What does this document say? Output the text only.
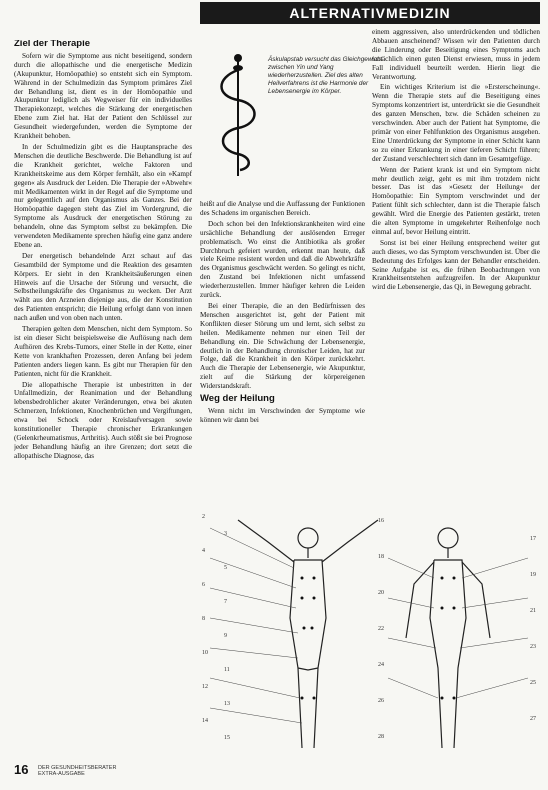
ALTERNATIVMEDIZIN
Ziel der Therapie

Sofern wir die Symptome aus nicht beseitigend, sondern durch die allopathische und die energetische Medizin (Akupunktur, Homöopathie) so entsteht sich ein Symptom. Während in der Schulmedizin das Symptom primäres Ziel der Behandlung ist, dient es in der Homöopathie und Akupunktur lediglich als Wegweiser für ein individuelles Therapiekonzept, welches die Stärkung der energetischen Ebene zum Ziel hat. Hat der Patient den Schlüssel zur Gesundheit wiedergefunden, werden die Symptome der Krankheit behoben.

In der Schulmedizin gibt es die Hauptansprache des Menschen die deutliche Beschwerde. Die Behandlung ist auf die Krankheit gerichtet, welche Faktoren und Krankheitskeime aus dem Körper fernhält, also ein »Kampf gegen« als Ausdruck der Leiden. Die Therapie der »Abwehr« mit Medikamenten wirkt in der Regel auf die Symptome und nur gelegentlich auf den Organismus als Ganzes. Bei der Homöopathie dagegen steht das Ziel im Vordergrund, die Symptome als Ausdruck der energetischen Störung zu behandeln, ohne das Symptom selbst zu bekämpfen. Die verwendeten Medikamente sprechen häufig eine ganz andere Ebene an.

Der energetisch behandelnde Arzt schaut auf das Gesamtbild der Symptome und die Reaktion des gesamten Körpers. Er sieht in den Krankheitsäußerungen einen Hinweis auf die Ursache der Störung und versucht, die Selbstheilungskräfte des Organismus zu wecken. Der Arzt wählt aus den Arzneien diejenige aus, die der Konstitution des Patienten entspricht; die Heilung erfolgt dann von innen nach außen und von oben nach unten.

Therapien gelten dem Menschen, nicht dem Symptom. So ist ein dieser Sicht beispielsweise die Auflösung nach dem Aufhören des Krebs-Tumors, einer Stelle in der Kette, einer Kette von krankhaften Prozessen, deren Anfang bei jedem Patienten anders liegen kann. Es gibt nur Therapien für den Patienten, nicht für die Krankheit.

Die allopathische Therapie ist unbestritten in der Unfallmedizin, der Reanimation und der Behandlung lebensbedrohlicher akuter Veränderungen, etwa bei akuten Schmerzen, Infektionen, Knochenbrüchen und Vergiftungen, etwa bei Schock oder Kreislaufversagen sowie konstitutioneller Therapie chronischer Erkrankungen (Gelenkrheumatismus, Arthritis). Auch stößt sie bei Prognose jeder Behandlung häufig an ihre Grenzen; dort setzt die allopathische Diagnose, das

Äskulapstab versucht das Gleichgewicht zwischen Yin und Yang wiederherzustellen. Ziel des alten Heilverfahrens ist die Harmonie der Lebensenergie im Körper.

heißt auf die Analyse und die Auffassung der Funktionen des Schadens im organischen Bereich.

Doch schon bei den Infektionskrankheiten wird eine ursächliche Behandlung der auslösenden Erreger problematisch. Wo einst die Antibiotika als großer Durchbruch gefeiert wurden, erkennt man heute, daß viele Keime resistent werden und daß die Abwehrkräfte des Organismus geschwächt werden. So gelingt es nicht, den Zustand bei Infektionen nicht umfassend wiederherzustellen. Immer häufiger kehren die Leiden zurück.

Bei einer Therapie, die an den Bedürfnissen des Menschen ausgerichtet ist, geht der Patient mit Konflikten dieser Störung um und lernt, sich selbst zu heilen. Medikamente nehmen nur einen Teil der Behandlung ein. Die Schwächung der Lebensenergie, deutlich in der Behandlung chronischer Leiden, hat zur Folge, daß die Krankheit in den Körper zurückkehrt. Auch die Therapie der Lebensenergie, wie Akupunktur, zielt auf die Stärkung der körpereigenen Widerstandskraft.

Weg der Heilung

Wenn nicht im Verschwinden der Symptome wie können wir dann bei

einem aggressiven, also unterdrückenden und tödlichen Abbauen anscheinend? Wissen wir den Patienten durch die Linderung oder Beseitigung eines Symptoms auch tatsächlich einen guten Dienst erwiesen, muss in jedem Fall individuell beurteilt werden. Hierin liegt die Verantwortung.

Ein wichtiges Kriterium ist die »Ersterscheinung«. Wenn die Therapie stets auf die Beseitigung eines Symptoms konzentriert ist, unterdrückt sie die Gesundheit des ganzen Menschen, bzw. die Schäden scheinen zu verschwinden. Aber auch der Patient hat Symptome, die primär von einer Fehlfunktion des Organismus ausgehen. Eine Unterdrückung der Symptome in einer Schicht kann so zu einer Erkrankung in einer tieferen Schicht führen; der Zustand verschlechtert sich dann im Gesamtgefüge.

Wenn der Patient krank ist und ein Symptom nicht mehr deutlich zeigt, geht es mit ihm trotzdem nicht besser. Das ist das »Gesetz der Heilung« der Homöopathie: Ein Symptom verschwindet und der Patient fühlt sich schlechter, dann ist die Therapie falsch gewählt. Wird die Energie des Patienten gestärkt, treten die alten Symptome in umgekehrter Reihenfolge noch einmal auf, bevor Heilung eintritt.

Sonst ist bei einer Heilung entsprechend weiter gut auch dieses, wo das Symptom verschwunden ist. Über die Bedeutung des Erfolges kann der Behandler entscheiden. Seine Aufgabe ist es, die frühen Beobachtungen von Krankheitsentstehen aufzugreifen. In der Akupunktur wird die Lebensenergie, das Qi, in Bewegung gebracht.

2
3
4
5
6
7
8
9
10
11
12
13
14
15
16
17
18
19
20
21
22
23
24
25
26
27
28
16 DER GESUNDHEITSBERATER
EXTRA-AUSGABE
